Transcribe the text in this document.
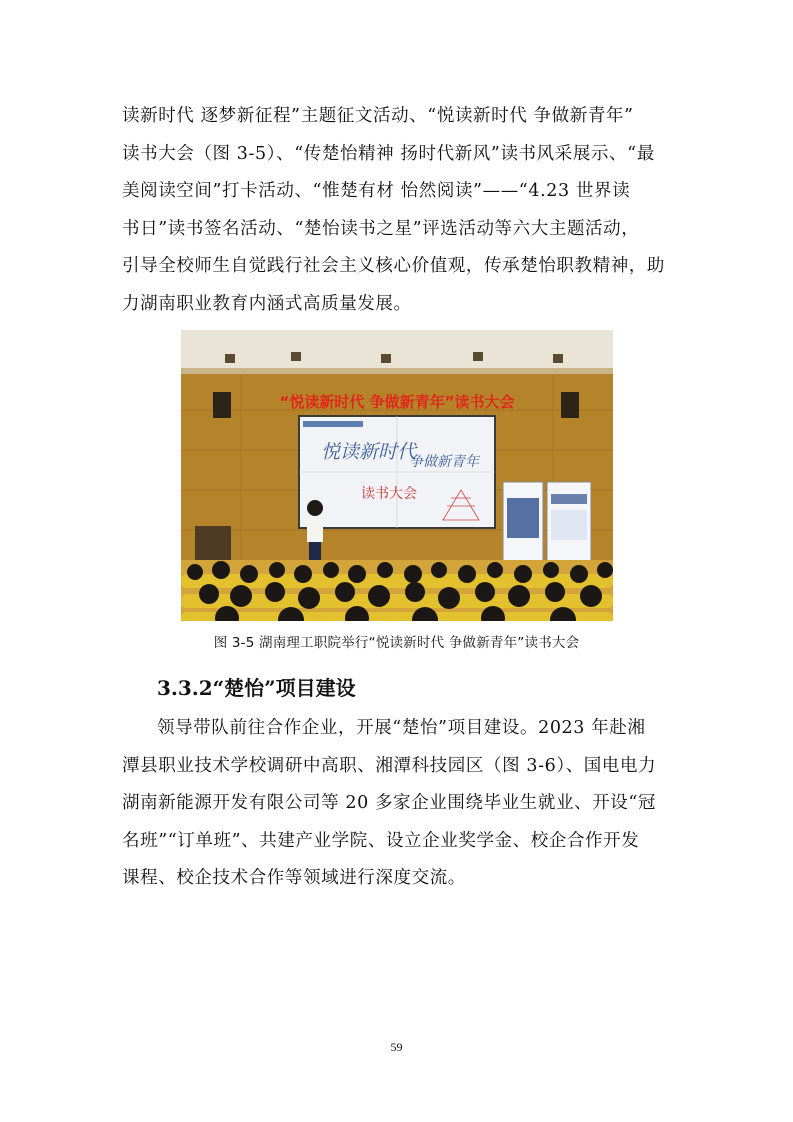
读新时代 逐梦新征程”主题征文活动、“悦读新时代 争做新青年”
读书大会（图 3-5）、“传楚怡精神 扬时代新风”读书风采展示、“最
美阅读空间”打卡活动、“惟楚有材 怡然阅读”——“4.23 世界读
书日”读书签名活动、“楚怡读书之星”评选活动等六大主题活动，
引导全校师生自觉践行社会主义核心价值观，传承楚怡职教精神，助
力湖南职业教育内涵式高质量发展。
“悦读新时代 争做新青年”读书大会
悦读新时代
争做新青年
读书大会
图 3-5 湖南理工职院举行“悦读新时代 争做新青年”读书大会
3.3.2“楚怡”项目建设
领导带队前往合作企业，开展“楚怡”项目建设。2023 年赴湘
潭县职业技术学校调研中高职、湘潭科技园区（图 3-6）、国电电力
湖南新能源开发有限公司等 20 多家企业围绕毕业生就业、开设“冠
名班”“订单班”、共建产业学院、设立企业奖学金、校企合作开发
课程、校企技术合作等领域进行深度交流。
59
